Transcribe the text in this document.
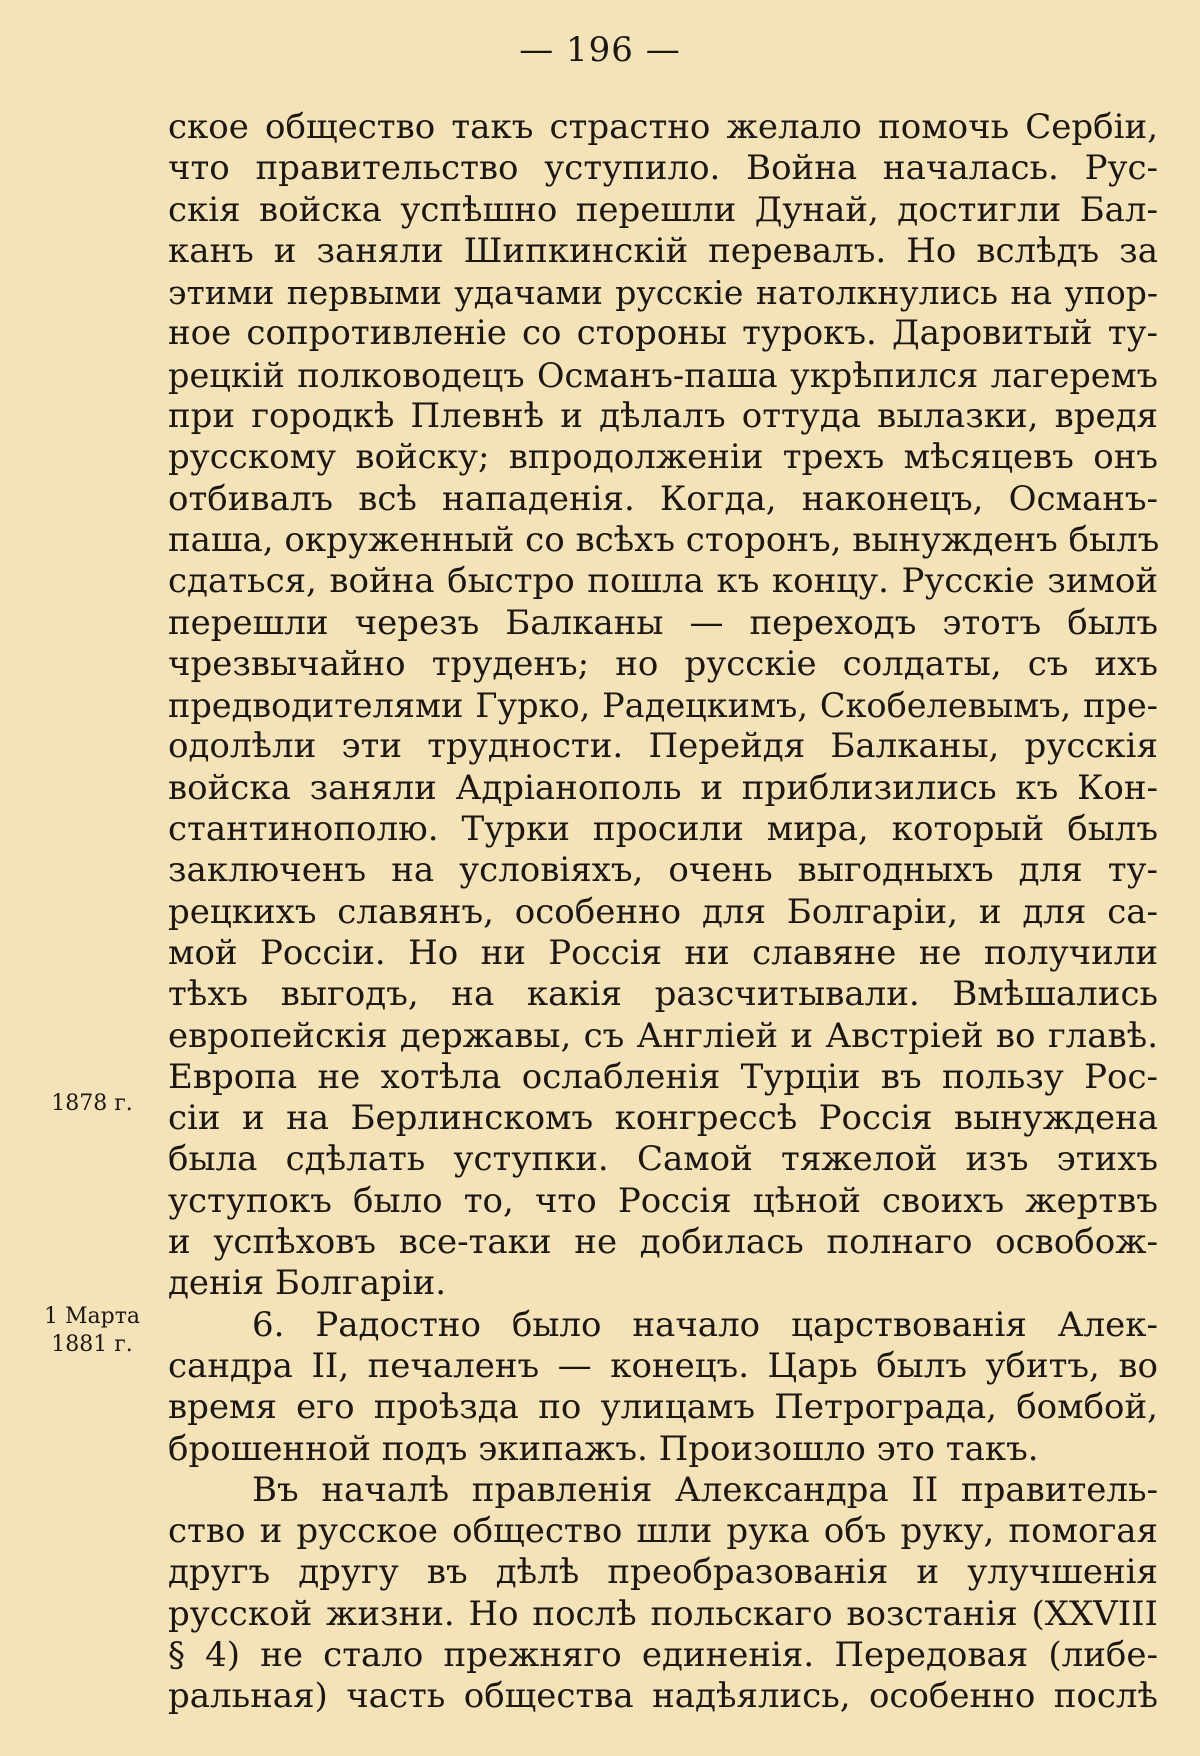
— 196 —
1878 г.
1 Марта
1881 г.
ское общество такъ страстно желало помочь Сербіи,
что правительство уступило. Война началась. Рус-
скія войска успѣшно перешли Дунай, достигли Бал-
канъ и заняли Шипкинскій перевалъ. Но вслѣдъ за
этими первыми удачами русскіе натолкнулись на упор-
ное сопротивленіе со стороны турокъ. Даровитый ту-
рецкій полководецъ Османъ-паша укрѣпился лагеремъ
при городкѣ Плевнѣ и дѣлалъ оттуда вылазки, вредя
русскому войску; впродолженіи трехъ мѣсяцевъ онъ
отбивалъ всѣ нападенія. Когда, наконецъ, Османъ-
паша, окруженный со всѣхъ сторонъ, вынужденъ былъ
сдаться, война быстро пошла къ концу. Русскіе зимой
перешли черезъ Балканы — переходъ этотъ былъ
чрезвычайно труденъ; но русскіе солдаты, съ ихъ
предводителями Гурко, Радецкимъ, Скобелевымъ, пре-
одолѣли эти трудности. Перейдя Балканы, русскія
войска заняли Адріанополь и приблизились къ Кон-
стантинополю. Турки просили мира, который былъ
заключенъ на условіяхъ, очень выгодныхъ для ту-
рецкихъ славянъ, особенно для Болгаріи, и для са-
мой Россіи. Но ни Россія ни славяне не получили
тѣхъ выгодъ, на какія разсчитывали. Вмѣшались
европейскія державы, съ Англіей и Австріей во главѣ.
Европа не хотѣла ослабленія Турціи въ пользу Рос-
сіи и на Берлинскомъ конгрессѣ Россія вынуждена
была сдѣлать уступки. Самой тяжелой изъ этихъ
уступокъ было то, что Россія цѣной своихъ жертвъ
и успѣховъ все-таки не добилась полнаго освобож-
денія Болгаріи.
6. Радостно было начало царствованія Алек-
сандра II, печаленъ — конецъ. Царь былъ убитъ, во
время его проѣзда по улицамъ Петрограда, бомбой,
брошенной подъ экипажъ. Произошло это такъ.
Въ началѣ правленія Александра II правитель-
ство и русское общество шли рука объ руку, помогая
другъ другу въ дѣлѣ преобразованія и улучшенія
русской жизни. Но послѣ польскаго возстанія (XXVIII
§ 4) не стало прежняго единенія. Передовая (либе-
ральная) часть общества надѣялись, особенно послѣ
